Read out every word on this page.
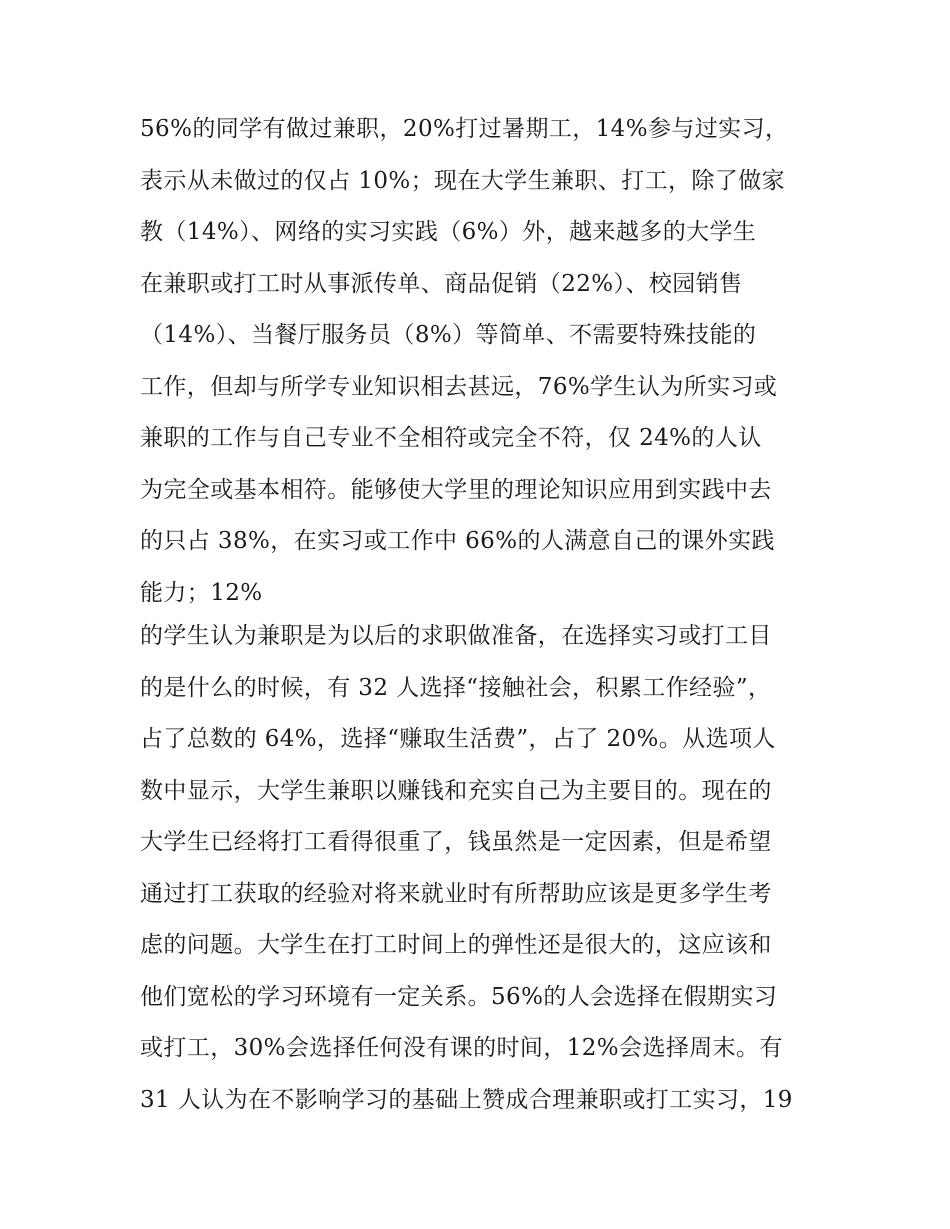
56%的同学有做过兼职，20%打过暑期工，14%参与过实习，
表示从未做过的仅占 10%；现在大学生兼职、打工，除了做家
教（14%）、网络的实习实践（6%）外，越来越多的大学生
在兼职或打工时从事派传单、商品促销（22%）、校园销售
（14%）、当餐厅服务员（8%）等简单、不需要特殊技能的
工作，但却与所学专业知识相去甚远，76%学生认为所实习或
兼职的工作与自己专业不全相符或完全不符，仅 24%的人认
为完全或基本相符。能够使大学里的理论知识应用到实践中去
的只占 38%，在实习或工作中 66%的人满意自己的课外实践
能力；12%
的学生认为兼职是为以后的求职做准备，在选择实习或打工目
的是什么的时候，有 32 人选择“接触社会，积累工作经验”，
占了总数的 64%，选择“赚取生活费”，占了 20%。从选项人
数中显示，大学生兼职以赚钱和充实自己为主要目的。现在的
大学生已经将打工看得很重了，钱虽然是一定因素，但是希望
通过打工获取的经验对将来就业时有所帮助应该是更多学生考
虑的问题。大学生在打工时间上的弹性还是很大的，这应该和
他们宽松的学习环境有一定关系。56%的人会选择在假期实习
或打工，30%会选择任何没有课的时间，12%会选择周末。有
31 人认为在不影响学习的基础上赞成合理兼职或打工实习，19
